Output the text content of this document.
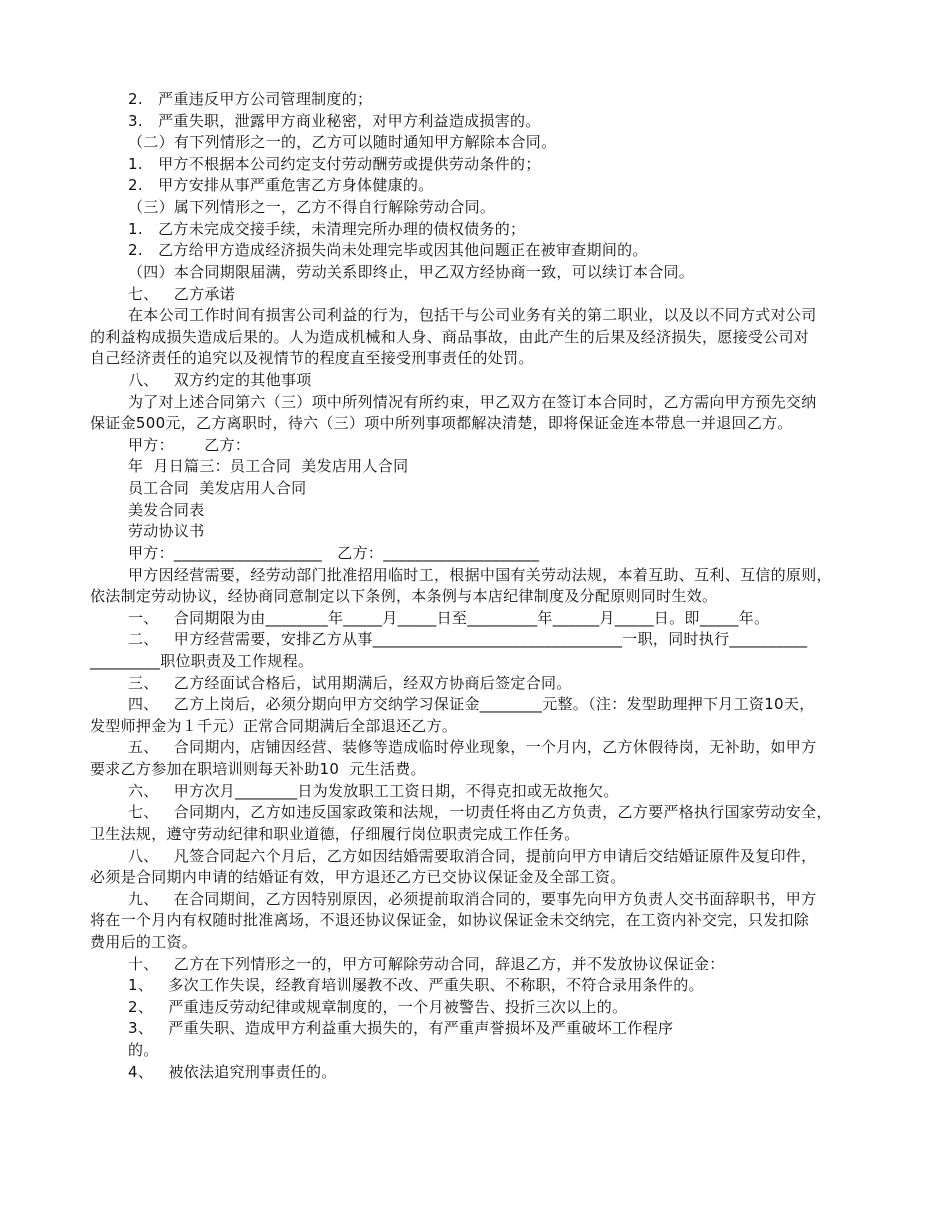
2.   严重违反甲方公司管理制度的；
3.   严重失职，泄露甲方商业秘密，对甲方利益造成损害的。
（二）有下列情形之一的，乙方可以随时通知甲方解除本合同。
1.   甲方不根据本公司约定支付劳动酬劳或提供劳动条件的；
2.   甲方安排从事严重危害乙方身体健康的。
（三）属下列情形之一，乙方不得自行解除劳动合同。
1.   乙方未完成交接手续，未清理完所办理的债权债务的；
2.   乙方给甲方造成经济损失尚未处理完毕或因其他问题正在被审查期间的。
（四）本合同期限届满，劳动关系即终止，甲乙双方经协商一致，可以续订本合同。
七、   乙方承诺
在本公司工作时间有损害公司利益的行为，包括干与公司业务有关的第二职业，以及以不同方式对公司
的利益构成损失造成后果的。人为造成机械和人身、商品事故，由此产生的后果及经济损失，愿接受公司对
自己经济责任的追究以及视情节的程度直至接受刑事责任的处罚。
八、   双方约定的其他事项
为了对上述合同第六（三）项中所列情况有所约束，甲乙双方在签订本合同时，乙方需向甲方预先交纳
保证金500元，乙方离职时，待六（三）项中所列事项都解决清楚，即将保证金连本带息一并退回乙方。
甲方：      乙方：
年  月日篇三：员工合同  美发店用人合同
员工合同  美发店用人合同
美发合同表
劳动协议书
甲方：___________________   乙方：____________________
甲方因经营需要，经劳动部门批准招用临时工，根据中国有关劳动法规，本着互助、互利、互信的原则，
依法制定劳动协议，经协商同意制定以下条例，本条例与本店纪律制度及分配原则同时生效。
一、   合同期限为由________年_____月_____日至_________年______月_____日。即_____年。
二、   甲方经营需要，安排乙方从事________________________________一职，同时执行__________
_________职位职责及工作规程。
三、   乙方经面试合格后，试用期满后，经双方协商后签定合同。
四、   乙方上岗后，必须分期向甲方交纳学习保证金________元整。（注：发型助理押下月工资10天，
发型师押金为１千元）正常合同期满后全部退还乙方。
五、   合同期内，店铺因经营、装修等造成临时停业现象，一个月内，乙方休假待岗，无补助，如甲方
要求乙方参加在职培训则每天补助10  元生活费。
六、   甲方次月________日为发放职工工资日期，不得克扣或无故拖欠。
七、   合同期内，乙方如违反国家政策和法规，一切责任将由乙方负责，乙方要严格执行国家劳动安全，
卫生法规，遵守劳动纪律和职业道德，仔细履行岗位职责完成工作任务。
八、   凡签合同起六个月后，乙方如因结婚需要取消合同，提前向甲方申请后交结婚证原件及复印件，
必须是合同期内申请的结婚证有效，甲方退还乙方已交协议保证金及全部工资。
九、   在合同期间，乙方因特别原因，必须提前取消合同的，要事先向甲方负责人交书面辞职书，甲方
将在一个月内有权随时批准离场，不退还协议保证金，如协议保证金未交纳完，在工资内补交完，只发扣除
费用后的工资。
十、   乙方在下列情形之一的，甲方可解除劳动合同，辞退乙方，并不发放协议保证金：
1、   多次工作失误，经教育培训屡教不改、严重失职、不称职，不符合录用条件的。
2、   严重违反劳动纪律或规章制度的，一个月被警告、投折三次以上的。
3、   严重失职、造成甲方利益重大损失的，有严重声誉损坏及严重破坏工作程序
的。
4、   被依法追究刑事责任的。
